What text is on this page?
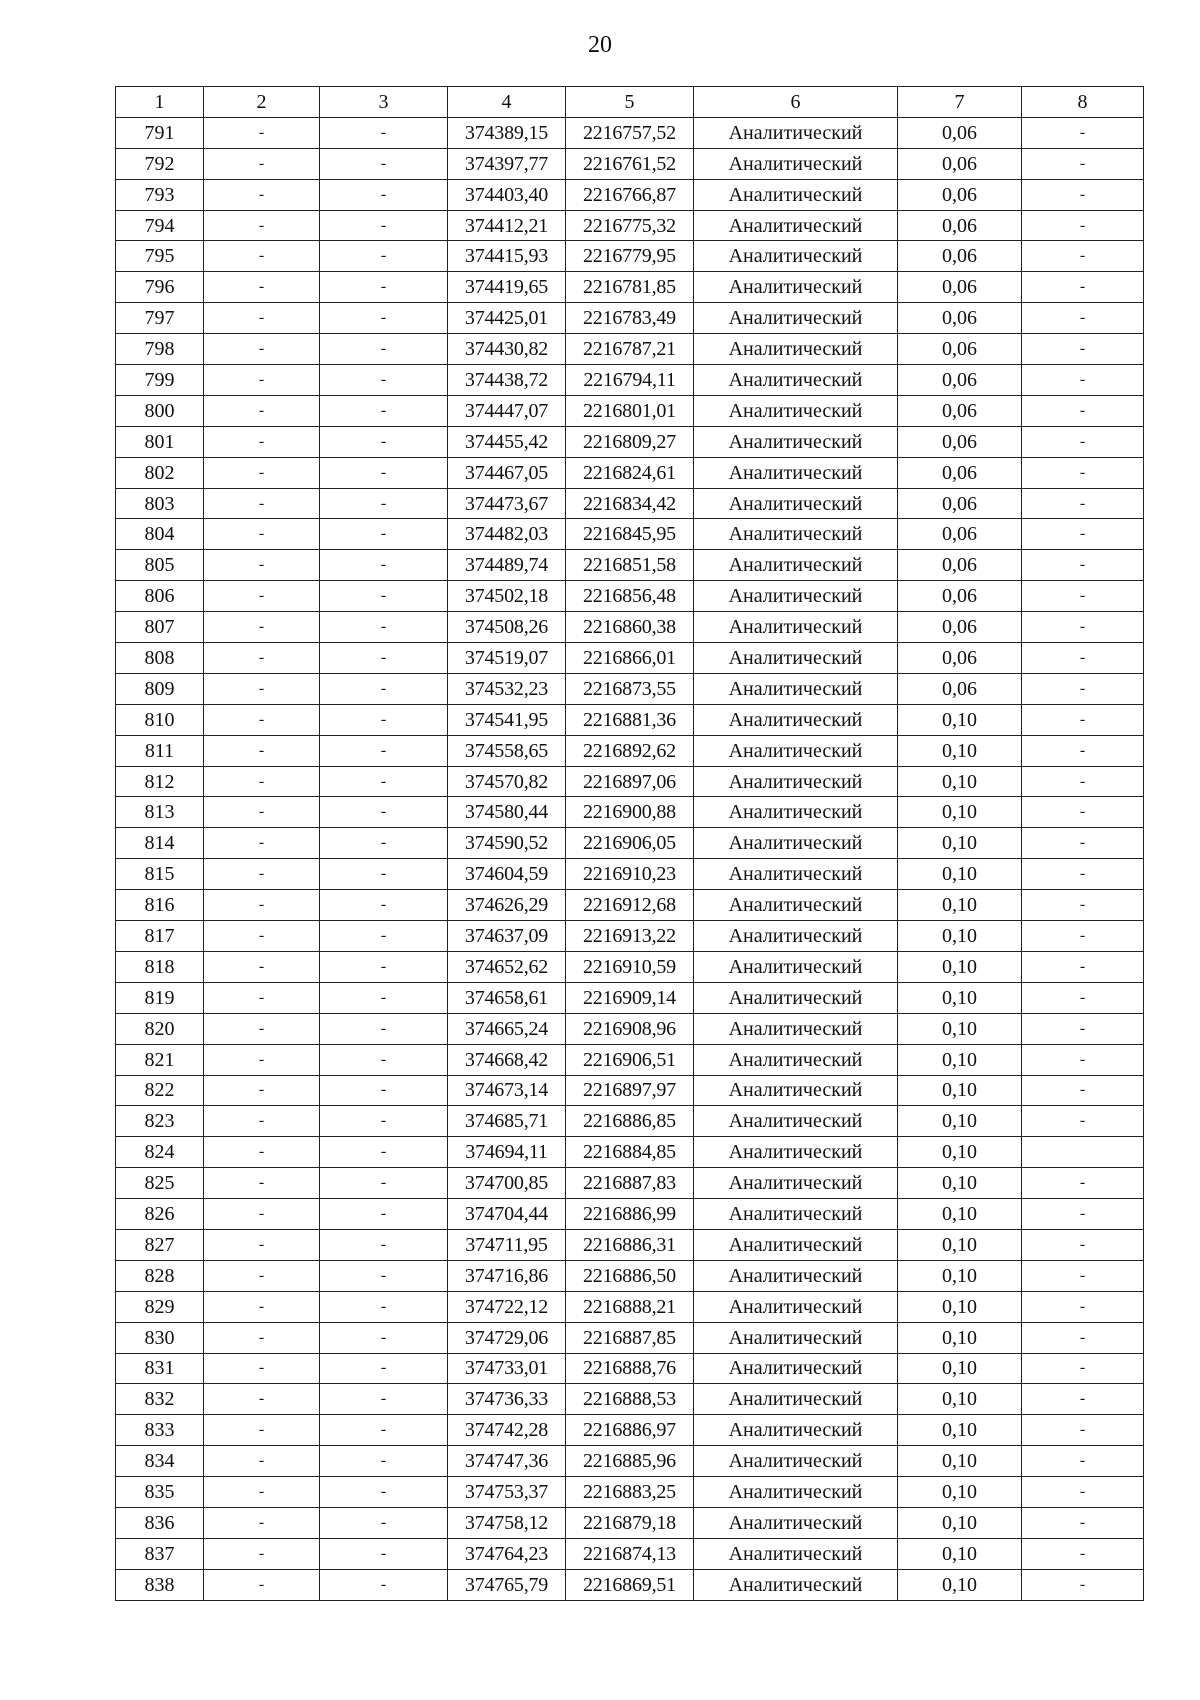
20
1	2	3	4	5	6	7	8
791	-	-	374389,15	2216757,52	Аналитический	0,06	-
792	-	-	374397,77	2216761,52	Аналитический	0,06	-
793	-	-	374403,40	2216766,87	Аналитический	0,06	-
794	-	-	374412,21	2216775,32	Аналитический	0,06	-
795	-	-	374415,93	2216779,95	Аналитический	0,06	-
796	-	-	374419,65	2216781,85	Аналитический	0,06	-
797	-	-	374425,01	2216783,49	Аналитический	0,06	-
798	-	-	374430,82	2216787,21	Аналитический	0,06	-
799	-	-	374438,72	2216794,11	Аналитический	0,06	-
800	-	-	374447,07	2216801,01	Аналитический	0,06	-
801	-	-	374455,42	2216809,27	Аналитический	0,06	-
802	-	-	374467,05	2216824,61	Аналитический	0,06	-
803	-	-	374473,67	2216834,42	Аналитический	0,06	-
804	-	-	374482,03	2216845,95	Аналитический	0,06	-
805	-	-	374489,74	2216851,58	Аналитический	0,06	-
806	-	-	374502,18	2216856,48	Аналитический	0,06	-
807	-	-	374508,26	2216860,38	Аналитический	0,06	-
808	-	-	374519,07	2216866,01	Аналитический	0,06	-
809	-	-	374532,23	2216873,55	Аналитический	0,06	-
810	-	-	374541,95	2216881,36	Аналитический	0,10	-
811	-	-	374558,65	2216892,62	Аналитический	0,10	-
812	-	-	374570,82	2216897,06	Аналитический	0,10	-
813	-	-	374580,44	2216900,88	Аналитический	0,10	-
814	-	-	374590,52	2216906,05	Аналитический	0,10	-
815	-	-	374604,59	2216910,23	Аналитический	0,10	-
816	-	-	374626,29	2216912,68	Аналитический	0,10	-
817	-	-	374637,09	2216913,22	Аналитический	0,10	-
818	-	-	374652,62	2216910,59	Аналитический	0,10	-
819	-	-	374658,61	2216909,14	Аналитический	0,10	-
820	-	-	374665,24	2216908,96	Аналитический	0,10	-
821	-	-	374668,42	2216906,51	Аналитический	0,10	-
822	-	-	374673,14	2216897,97	Аналитический	0,10	-
823	-	-	374685,71	2216886,85	Аналитический	0,10	-
824	-	-	374694,11	2216884,85	Аналитический	0,10	
825	-	-	374700,85	2216887,83	Аналитический	0,10	-
826	-	-	374704,44	2216886,99	Аналитический	0,10	-
827	-	-	374711,95	2216886,31	Аналитический	0,10	-
828	-	-	374716,86	2216886,50	Аналитический	0,10	-
829	-	-	374722,12	2216888,21	Аналитический	0,10	-
830	-	-	374729,06	2216887,85	Аналитический	0,10	-
831	-	-	374733,01	2216888,76	Аналитический	0,10	-
832	-	-	374736,33	2216888,53	Аналитический	0,10	-
833	-	-	374742,28	2216886,97	Аналитический	0,10	-
834	-	-	374747,36	2216885,96	Аналитический	0,10	-
835	-	-	374753,37	2216883,25	Аналитический	0,10	-
836	-	-	374758,12	2216879,18	Аналитический	0,10	-
837	-	-	374764,23	2216874,13	Аналитический	0,10	-
838	-	-	374765,79	2216869,51	Аналитический	0,10	-
